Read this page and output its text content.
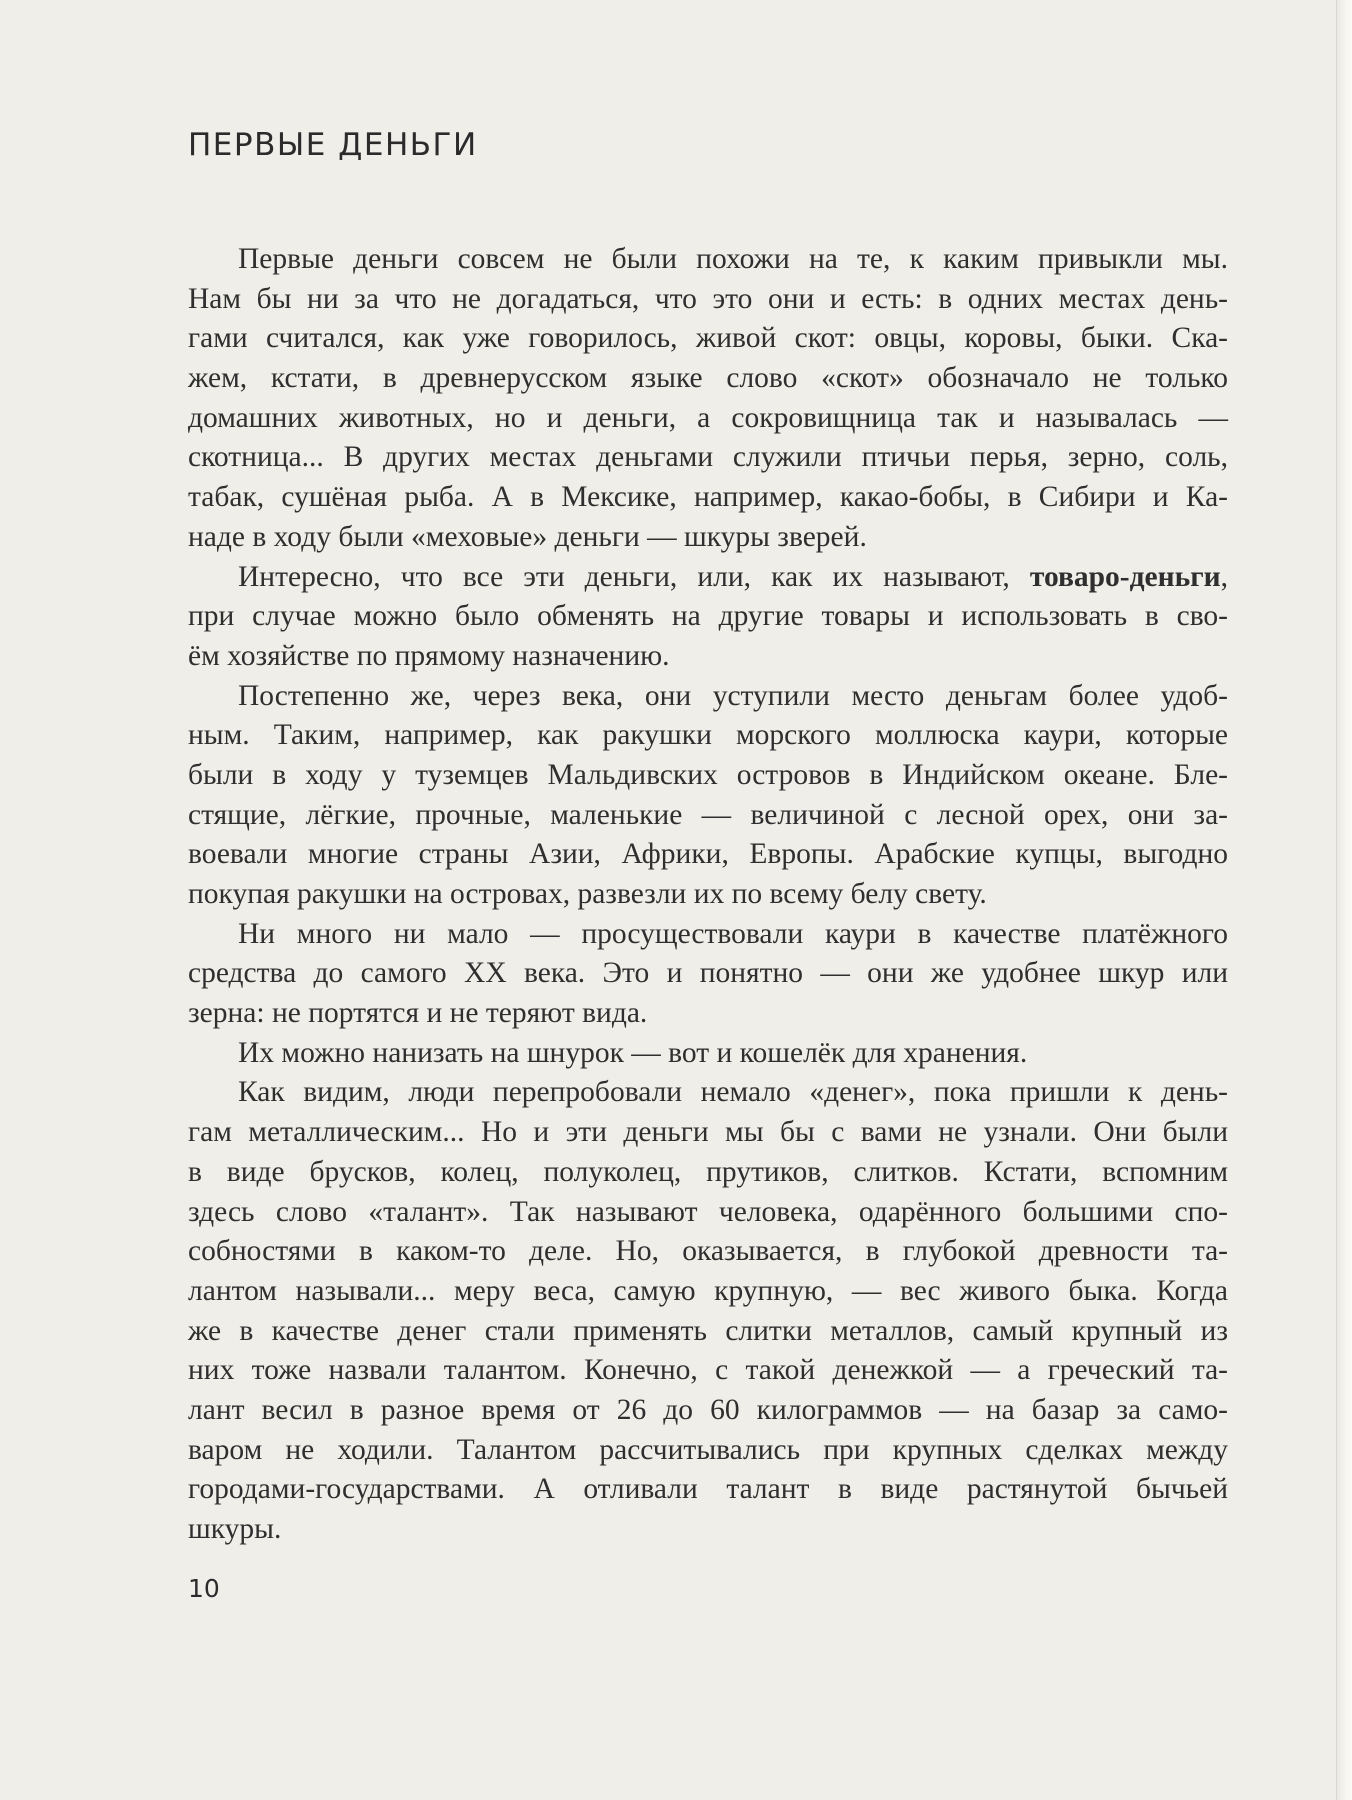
ПЕРВЫЕ ДЕНЬГИ
Первые деньги совсем не были похожи на те, к каким привыкли мы.
Нам бы ни за что не догадаться, что это они и есть: в одних местах день-
гами считался, как уже говорилось, живой скот: овцы, коровы, быки. Ска-
жем, кстати, в древнерусском языке слово «скот» обозначало не только
домашних животных, но и деньги, а сокровищница так и называлась —
скотница... В других местах деньгами служили птичьи перья, зерно, соль,
табак, сушёная рыба. А в Мексике, например, какао-бобы, в Сибири и Ка-
наде в ходу были «меховые» деньги — шкуры зверей.
Интересно, что все эти деньги, или, как их называют, товаро-деньги,
при случае можно было обменять на другие товары и использовать в сво-
ём хозяйстве по прямому назначению.
Постепенно же, через века, они уступили место деньгам более удоб-
ным. Таким, например, как ракушки морского моллюска каури, которые
были в ходу у туземцев Мальдивских островов в Индийском океане. Бле-
стящие, лёгкие, прочные, маленькие — величиной с лесной орех, они за-
воевали многие страны Азии, Африки, Европы. Арабские купцы, выгодно
покупая ракушки на островах, развезли их по всему белу свету.
Ни много ни мало — просуществовали каури в качестве платёжного
средства до самого XX века. Это и понятно — они же удобнее шкур или
зерна: не портятся и не теряют вида.
Их можно нанизать на шнурок — вот и кошелёк для хранения.
Как видим, люди перепробовали немало «денег», пока пришли к день-
гам металлическим... Но и эти деньги мы бы с вами не узнали. Они были
в виде брусков, колец, полуколец, прутиков, слитков. Кстати, вспомним
здесь слово «талант». Так называют человека, одарённого большими спо-
собностями в каком-то деле. Но, оказывается, в глубокой древности та-
лантом называли... меру веса, самую крупную, — вес живого быка. Когда
же в качестве денег стали применять слитки металлов, самый крупный из
них тоже назвали талантом. Конечно, с такой денежкой — а греческий та-
лант весил в разное время от 26 до 60 килограммов — на базар за само-
варом не ходили. Талантом рассчитывались при крупных сделках между
городами-государствами. А отливали талант в виде растянутой бычьей
шкуры.
10
